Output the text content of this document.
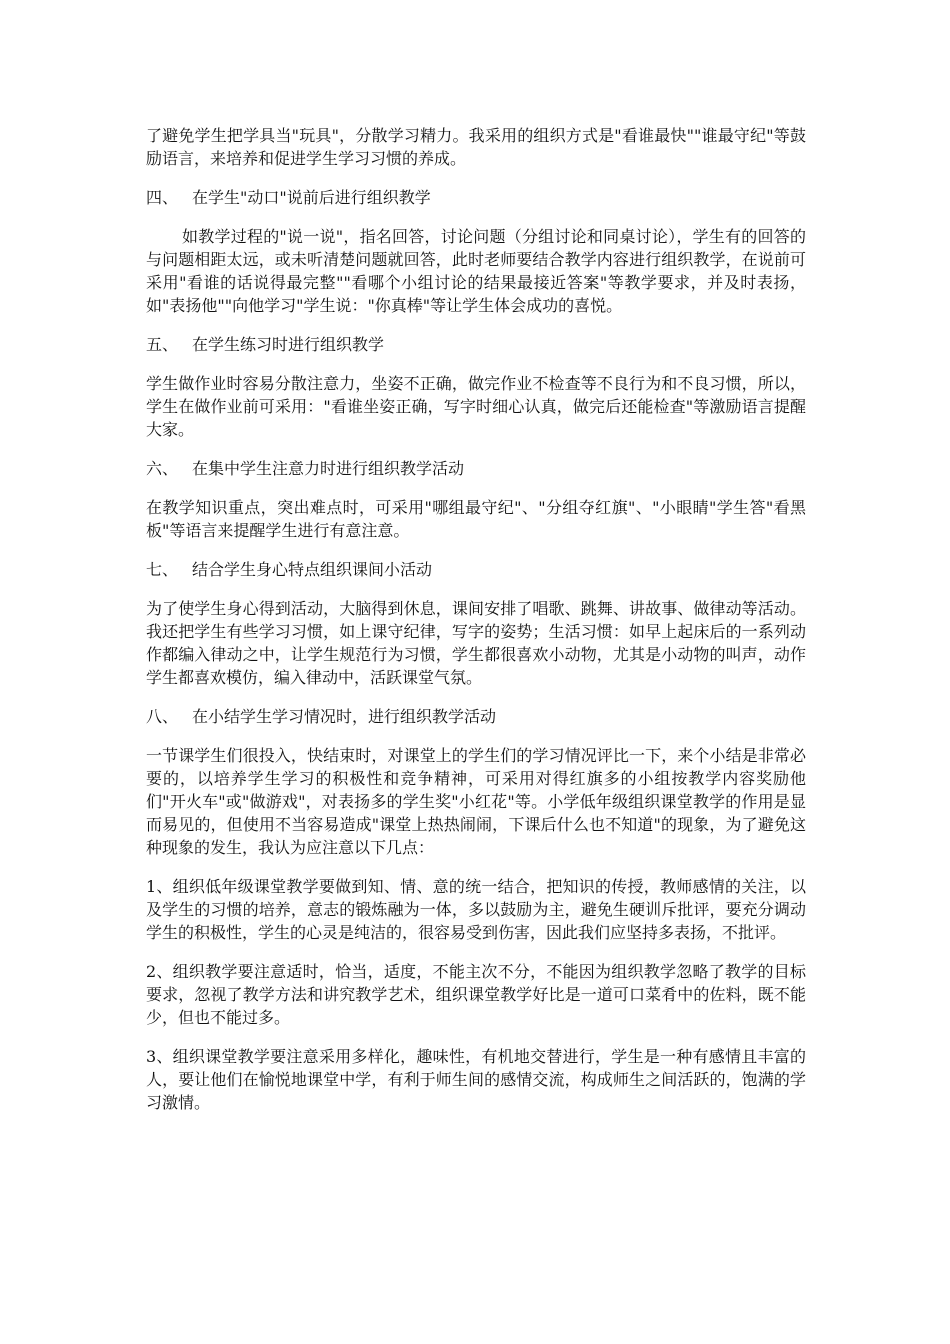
了避免学生把学具当"玩具"，分散学习精力。我采用的组织方式是"看谁最快""谁最守纪"等鼓励语言，来培养和促进学生学习习惯的养成。

四、 在学生"动口"说前后进行组织教学

如教学过程的"说一说"，指名回答，讨论问题（分组讨论和同桌讨论），学生有的回答的与问题相距太远，或未听清楚问题就回答，此时老师要结合教学内容进行组织教学，在说前可采用"看谁的话说得最完整""看哪个小组讨论的结果最接近答案"等教学要求，并及时表扬，如"表扬他""向他学习"学生说："你真棒"等让学生体会成功的喜悦。

五、 在学生练习时进行组织教学

学生做作业时容易分散注意力，坐姿不正确，做完作业不检查等不良行为和不良习惯，所以，学生在做作业前可采用："看谁坐姿正确，写字时细心认真，做完后还能检查"等激励语言提醒大家。

六、 在集中学生注意力时进行组织教学活动

在教学知识重点，突出难点时，可采用"哪组最守纪"、"分组夺红旗"、"小眼睛"学生答"看黑板"等语言来提醒学生进行有意注意。

七、 结合学生身心特点组织课间小活动

为了使学生身心得到活动，大脑得到休息，课间安排了唱歌、跳舞、讲故事、做律动等活动。我还把学生有些学习习惯，如上课守纪律，写字的姿势；生活习惯：如早上起床后的一系列动作都编入律动之中，让学生规范行为习惯，学生都很喜欢小动物，尤其是小动物的叫声，动作学生都喜欢模仿，编入律动中，活跃课堂气氛。

八、 在小结学生学习情况时，进行组织教学活动

一节课学生们很投入，快结束时，对课堂上的学生们的学习情况评比一下，来个小结是非常必要的，以培养学生学习的积极性和竞争精神，可采用对得红旗多的小组按教学内容奖励他们"开火车"或"做游戏"，对表扬多的学生奖"小红花"等。小学低年级组织课堂教学的作用是显而易见的，但使用不当容易造成"课堂上热热闹闹，下课后什么也不知道"的现象，为了避免这种现象的发生，我认为应注意以下几点：

1、组织低年级课堂教学要做到知、情、意的统一结合，把知识的传授，教师感情的关注，以及学生的习惯的培养，意志的锻炼融为一体，多以鼓励为主，避免生硬训斥批评，要充分调动学生的积极性，学生的心灵是纯洁的，很容易受到伤害，因此我们应坚持多表扬，不批评。

2、组织教学要注意适时，恰当，适度，不能主次不分，不能因为组织教学忽略了教学的目标要求，忽视了教学方法和讲究教学艺术，组织课堂教学好比是一道可口菜肴中的佐料，既不能少，但也不能过多。

3、组织课堂教学要注意采用多样化，趣味性，有机地交替进行，学生是一种有感情且丰富的人，要让他们在愉悦地课堂中学，有利于师生间的感情交流，构成师生之间活跃的，饱满的学习激情。
